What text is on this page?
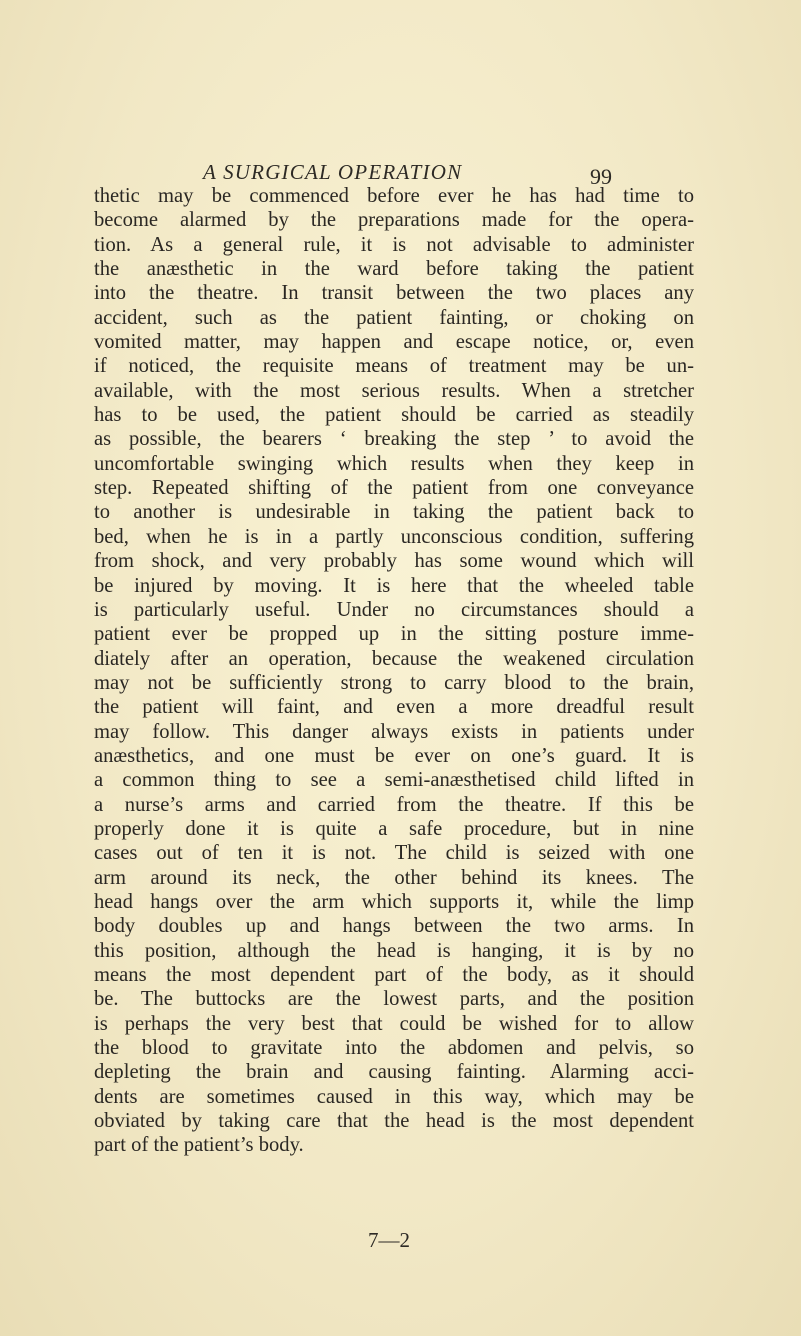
A SURGICAL OPERATION	99
thetic may be commenced before ever he has had time to
become alarmed by the preparations made for the opera-
tion. As a general rule, it is not advisable to administer
the anæsthetic in the ward before taking the patient
into the theatre. In transit between the two places any
accident, such as the patient fainting, or choking on
vomited matter, may happen and escape notice, or, even
if noticed, the requisite means of treatment may be un-
available, with the most serious results. When a stretcher
has to be used, the patient should be carried as steadily
as possible, the bearers ‘ breaking the step ’ to avoid the
uncomfortable swinging which results when they keep in
step. Repeated shifting of the patient from one conveyance
to another is undesirable in taking the patient back to
bed, when he is in a partly unconscious condition, suffering
from shock, and very probably has some wound which will
be injured by moving. It is here that the wheeled table
is particularly useful. Under no circumstances should a
patient ever be propped up in the sitting posture imme-
diately after an operation, because the weakened circulation
may not be sufficiently strong to carry blood to the brain,
the patient will faint, and even a more dreadful result
may follow. This danger always exists in patients under
anæsthetics, and one must be ever on one’s guard. It is
a common thing to see a semi-anæsthetised child lifted in
a nurse’s arms and carried from the theatre. If this be
properly done it is quite a safe procedure, but in nine
cases out of ten it is not. The child is seized with one
arm around its neck, the other behind its knees. The
head hangs over the arm which supports it, while the limp
body doubles up and hangs between the two arms. In
this position, although the head is hanging, it is by no
means the most dependent part of the body, as it should
be. The buttocks are the lowest parts, and the position
is perhaps the very best that could be wished for to allow
the blood to gravitate into the abdomen and pelvis, so
depleting the brain and causing fainting. Alarming acci-
dents are sometimes caused in this way, which may be
obviated by taking care that the head is the most dependent
part of the patient’s body.
7—2
